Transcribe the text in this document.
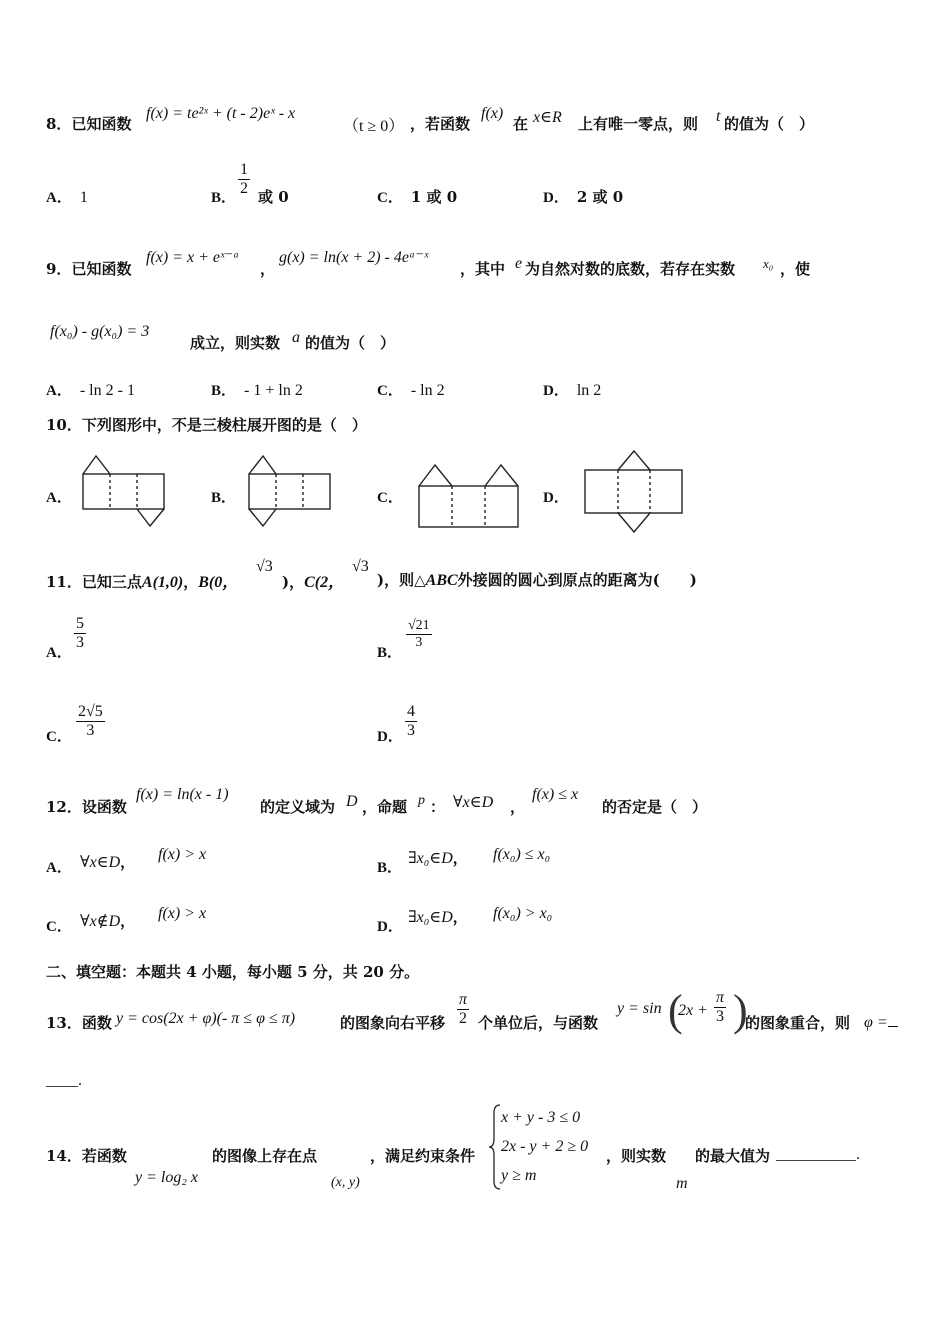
8．已知函数
f(x) = te²ˣ + (t - 2)eˣ - x
（t ≥ 0） ，若函数
f(x)
在 x∈R 上有唯一零点，则 t 的值为（　）
A． 1	B． $\frac{1}{2}$ 或 0	C． 1 或 0	D． 2 或 0
9．已知函数
f(x) = x + eˣ⁻ᵃ
，
g(x) = ln(x + 2) - 4eᵃ⁻ˣ
，其中 e 为自然对数的底数，若存在实数 x₀ ，使
f(x₀) - g(x₀) = 3
成立，则实数 a 的值为（　）
A． - ln 2 - 1	B． - 1 + ln 2	C． - ln 2	D． ln 2
10．下列图形中，不是三棱柱展开图的是（　）
A．	B．	C．	D．
11．已知三点A(1,0)，B(0，
√3
)，C(2，
√3
)，则△ABC外接圆的圆心到原点的距离为(　　)
A．
$\frac{5}{3}$
B．
$\frac{√21}{3}$
C． $\frac{2√5}{3}$	D． $\frac{4}{3}$
12．设函数
f(x) = ln(x - 1)
的定义域为 D ，命题 p ： ∀x∈D ，
f(x) ≤ x
的否定是（　）
A． ∀x∈D， f(x) > x
B．
∃x₀∈D， f(x₀) ≤ x₀
C． ∀x∉D， f(x) > x
D．
∃x₀∈D， f(x₀) > x₀
二、填空题：本题共 4 小题，每小题 5 分，共 20 分。
13．函数 y = cos(2x + φ)(- π ≤ φ ≤ π)	的图象向右平移 $\frac{\pi}{2}$ 个单位后，与函数
y = sin (
$2x + \frac{\pi}{3}$ )
的图象重合，则 φ =
____.
14．若函数
y = log₂ x
的图像上存在点
(x, y)
，满足约束条件
x + y - 3 ≤ 0
2x - y + 2 ≥ 0
y ≥ m
，则实数
m
的最大值为 __________.
